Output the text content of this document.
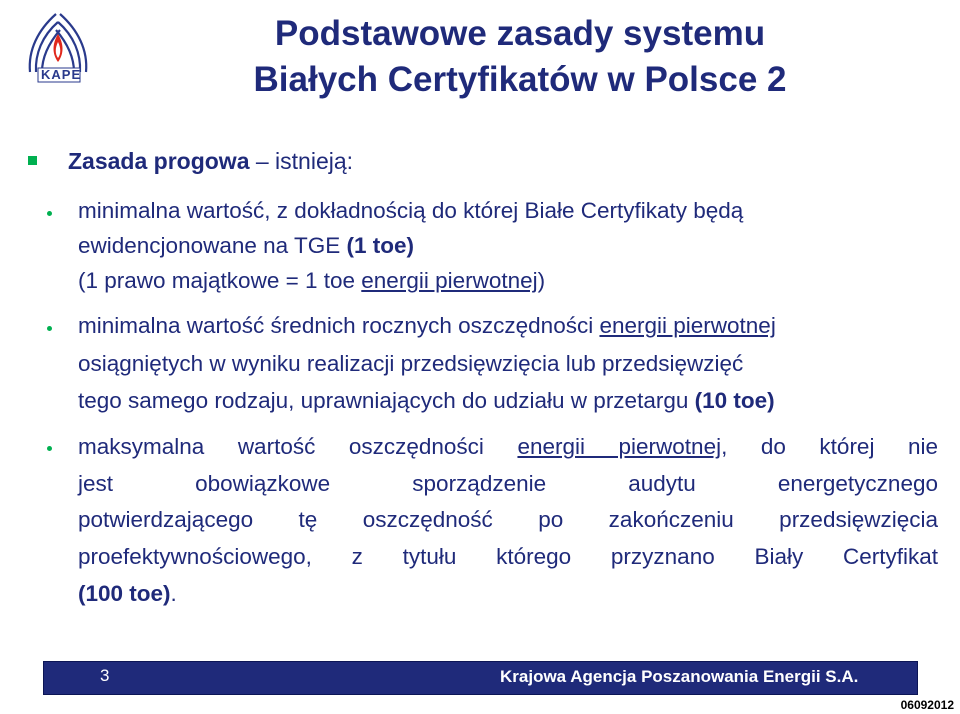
KAPE
Podstawowe zasady systemu
Białych Certyfikatów w Polsce 2
Zasada progowa – istnieją:
minimalna wartość, z dokładnością do której Białe Certyfikaty będą
ewidencjonowane na TGE (1 toe)
(1 prawo majątkowe = 1 toe energii pierwotnej)
minimalna wartość średnich rocznych oszczędności energii pierwotnej
osiągniętych w wyniku realizacji przedsięwzięcia lub przedsięwzięć
tego samego rodzaju, uprawniających do udziału w przetargu (10 toe)
maksymalna wartość oszczędności energii pierwotnej, do której nie
jest obowiązkowe sporządzenie audytu energetycznego
potwierdzającego tę oszczędność po zakończeniu przedsięwzięcia
proefektywnościowego, z tytułu którego przyznano Biały Certyfikat
(100 toe).
3	Krajowa Agencja Poszanowania Energii S.A.
06092012
